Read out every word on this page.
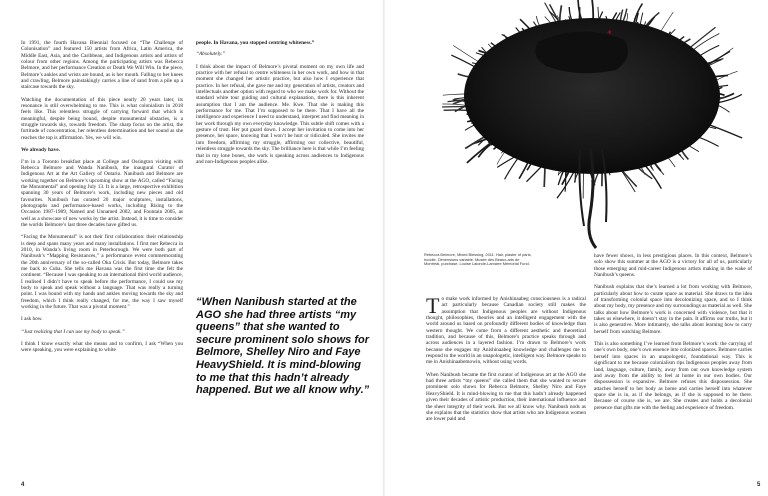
In 1991, the fourth Havana Biennial focused on “The Challenge of Colonisation” and featured 150 artists from Africa, Latin America, the Middle East, Asia, and the Caribbean, and Indigenous artists and artists of colour from other regions. Among the participating artists was Rebecca Belmore, and her performance Creation or Death We Will Win. In the piece, Belmore’s ankles and wrists are bound, as is her mouth. Falling to her knees and crawling, Belmore painstakingly carries a line of sand from a pile up a staircase towards the sky.

Watching the documentation of this piece nearly 20 years later, its resonance is still overwhelming to me. This is what colonialism in 2018 feels like. This relentless struggle of carrying forward that which is meaningful, despite being bound, despite monumental obstacles, is a struggle towards sky, towards freedom. The sharp focus on the artist, the fortitude of concentration, her relentless determination and her sound as she reaches the top is affirmation. Yes, we will win.

We already have.

I’m in a Toronto breakfast place at College and Ossington visiting with Rebecca Belmore and Wanda Nanibush, the inaugural Curator of Indigenous Art at the Art Gallery of Ontario. Nanibush and Belmore are working together on Belmore’s upcoming show at the AGO, called “Facing the Monumental” and opening July 13. It is a large, retrospective exhibition spanning 30 years of Belmore’s work, including new pieces and old favourites. Nanibush has curated 20 major sculptures, installations, photographs and performance-based works, including Rising to the Occasion 1987-1989, Named and Unnamed 2002, and Fountain 2005, as well as a showcase of new works by the artist. Instead, it is time to consider the worlds Belmore’s last three decades have gifted us.

“Facing the Monumental” is not their first collaboration: their relationship is deep and spans many years and many installations. I first met Rebecca in 2010, in Wanda’s living room in Peterborough. We were both part of Nanibush’s “Mapping Resistances,” a performance event commemorating the 20th anniversary of the so-called Oka Crisis. But today, Belmore takes me back to Cuba. She tells me Havana was the first time she felt the continent. “Because I was speaking to an international third world audience, I realised I didn’t have to speak before the performance, I could use my body to speak and speak without a language. That was really a turning point. I was bound with my hands and ankles moving towards the sky and freedom, which I think really changed, for me, the way I saw myself working in the future. That was a pivotal moment.”

I ask how.

“Just realizing that I can use my body to speak.”

I think I know exactly what she means and to confirm, I ask “When you were speaking, you were explaining to white

people. In Havana, you stopped centring whiteness.”

“Absolutely.”

I think about the impact of Belmore’s pivotal moment on my own life and practice with her refusal to centre whiteness in her own work, and how in that moment she changed her artistic practice, but also how I experience that practice. In her refusal, she gave me and my generation of artists, creators and intellectuals another option with regard to who we make work for. Without the standard white tour guiding and cultural explanation, there is this inherent assumption that I am the audience. Me. Kwe. That she is making this performance for me. That I’m supposed to be there. That I have all the intelligence and experience I need to understand, interpret and find meaning in her work through my own everyday knowledge. This subtle shift comes with a gesture of trust. Her put guard down. I accept her invitation to come into her presence, her space, knowing that I won’t be hurt or ridiculed. She invites me into freedom, affirming my struggle, affirming our collective, beautiful, relentless struggle towards the sky. The brilliance here is that while I’m feeling that in my lone bones, she work is speaking across audiences to Indigenous and non-Indigenous peoples alike.

“When Nanibush started at the AGO she had three artists “my queens” that she wanted to secure prominent solo shows for Belmore, Shelley Niro and Faye HeavyShield. It is mind-blowing to me that this hadn’t already happened. But we all know why.”
4
✦
Rebecca Belmore, Mixed Blessing, 2011. Hair, plaster of paris, hoodie. Dimensions variable. Musée des Beaux-arts de Montréal, purchase, Louise Lalonde-Lamarre Memorial Fund.
T o make work informed by Anishinaabeg consciousness is a radical act particularly because Canadian society still makes the assumption that Indigenous peoples are without Indigenous thought, philosophies, theories and an intelligent engagement with the world around us based on profoundly different bodies of knowledge than western thought. We come from a different aesthetic and theoretical tradition, and because of this, Belmore’s practice speaks through and across audiences in a layered fashion. I’m drawn to Belmore’s work because she engages my Anishinaabeg knowledge and challenges me to respond to the world in an unapologetic, intelligent way. Belmore speaks to me in Anishinaabemowin, without using words.

When Nanibush became the first curator of Indigenous art at the AGO she had three artists “my queens” she called them that she wanted to secure prominent solo shows for Rebecca Belmore, Shelley Niro and Faye HeavyShield. It is mind-blowing to me that this hadn’t already happened given their decades of artistic production, their international influence and the sheer integrity of their work. But we all know why. Nanibush nods as she explains that the statistics show that artists who are Indigenous women are lower paid and

have fewer shows, in less prestigious places. In this context, Belmore’s solo show this summer at the AGO is a victory for all of us, particularly those emerging and mid-career Indigenous artists making in the wake of Nanibush’s queens.

Nanibush explains that she’s learned a lot from working with Belmore, particularly about how to curate space as material. She draws to the idea of transforming colonial space into decolonizing space, and so I think about my body, my presence and my surroundings as material as well. She talks about how Belmore’s work is concerned with violence, but that it takes us elsewhere, it doesn’t stay in the pain. It affirms our truths, but it is also generative. More intimately, she talks about learning how to carry herself from watching Belmore.

This is also something I’ve learned from Belmore’s work: the carrying of one’s own body, one’s own essence into colonized spaces. Belmore carries herself into spaces in an unapologetic, foundational way. This is significant to me because colonialism rips Indigenous peoples away from land, language, culture, family, away from our own knowledge system and away from the ability to feel at home in our own bodies. Our dispossession is expansive. Belmore refuses this dispossession. She attaches herself to her body as home and carries herself into whatever space she is in, as if she belongs, as if she is supposed to be there. Because of course she is, we are. She creates and holds a decolonial presence that gifts me with the feeling and experience of freedom.

5
